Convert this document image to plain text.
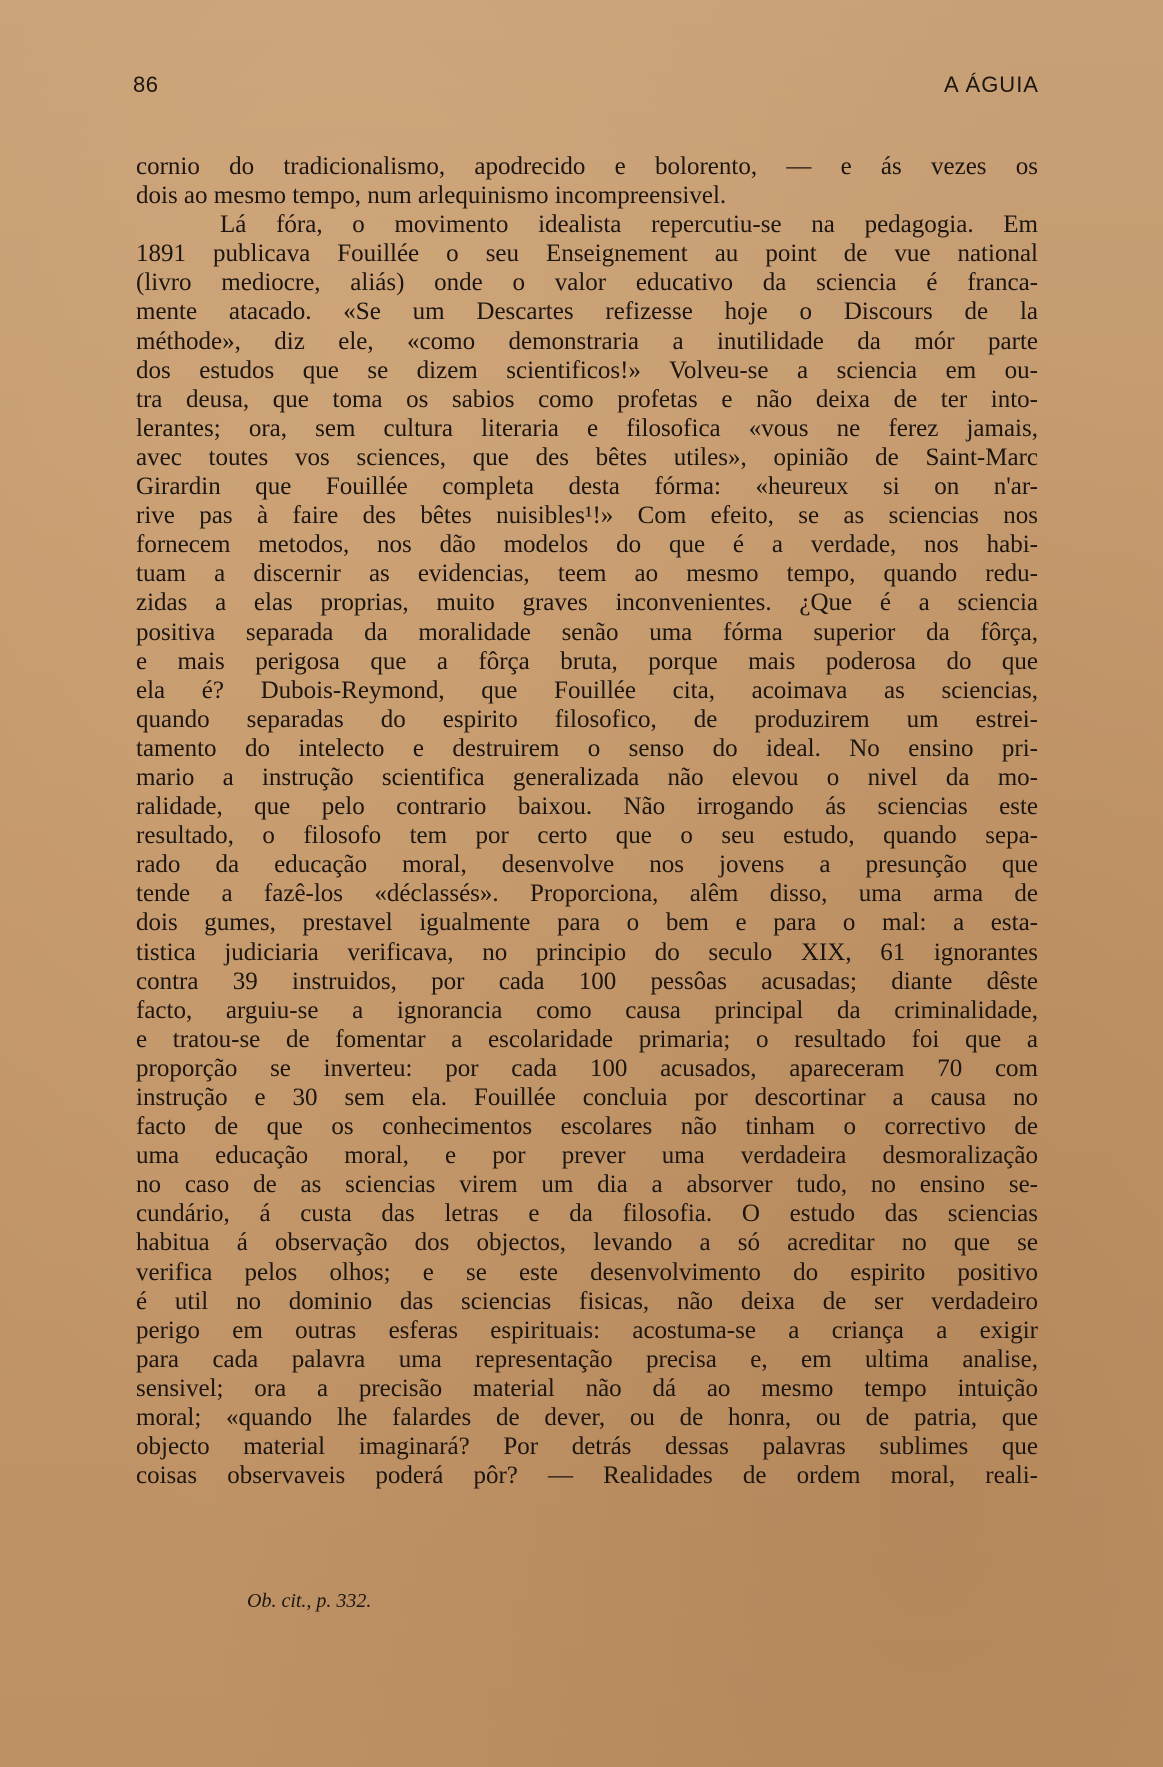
86	A ÁGUIA
cornio do tradicionalismo, apodrecido e bolorento, — e ás vezes os
dois ao mesmo tempo, num arlequinismo incompreensivel.
Lá fóra, o movimento idealista repercutiu-se na pedagogia. Em
1891 publicava Fouillée o seu Enseignement au point de vue national
(livro mediocre, aliás) onde o valor educativo da sciencia é franca-
mente atacado. «Se um Descartes refizesse hoje o Discours de la
méthode», diz ele, «como demonstraria a inutilidade da mór parte
dos estudos que se dizem scientificos!» Volveu-se a sciencia em ou-
tra deusa, que toma os sabios como profetas e não deixa de ter into-
lerantes; ora, sem cultura literaria e filosofica «vous ne ferez jamais,
avec toutes vos sciences, que des bêtes utiles», opinião de Saint-Marc
Girardin que Fouillée completa desta fórma: «heureux si on n'ar-
rive pas à faire des bêtes nuisibles¹!» Com efeito, se as sciencias nos
fornecem metodos, nos dão modelos do que é a verdade, nos habi-
tuam a discernir as evidencias, teem ao mesmo tempo, quando redu-
zidas a elas proprias, muito graves inconvenientes. ¿Que é a sciencia
positiva separada da moralidade senão uma fórma superior da fôrça,
e mais perigosa que a fôrça bruta, porque mais poderosa do que
ela é? Dubois-Reymond, que Fouillée cita, acoimava as sciencias,
quando separadas do espirito filosofico, de produzirem um estrei-
tamento do intelecto e destruirem o senso do ideal. No ensino pri-
mario a instrução scientifica generalizada não elevou o nivel da mo-
ralidade, que pelo contrario baixou. Não irrogando ás sciencias este
resultado, o filosofo tem por certo que o seu estudo, quando sepa-
rado da educação moral, desenvolve nos jovens a presunção que
tende a fazê-los «déclassés». Proporciona, alêm disso, uma arma de
dois gumes, prestavel igualmente para o bem e para o mal: a esta-
tistica judiciaria verificava, no principio do seculo XIX, 61 ignorantes
contra 39 instruidos, por cada 100 pessôas acusadas; diante dêste
facto, arguiu-se a ignorancia como causa principal da criminalidade,
e tratou-se de fomentar a escolaridade primaria; o resultado foi que a
proporção se inverteu: por cada 100 acusados, apareceram 70 com
instrução e 30 sem ela. Fouillée concluia por descortinar a causa no
facto de que os conhecimentos escolares não tinham o correctivo de
uma educação moral, e por prever uma verdadeira desmoralização
no caso de as sciencias virem um dia a absorver tudo, no ensino se-
cundário, á custa das letras e da filosofia. O estudo das sciencias
habitua á observação dos objectos, levando a só acreditar no que se
verifica pelos olhos; e se este desenvolvimento do espirito positivo
é util no dominio das sciencias fisicas, não deixa de ser verdadeiro
perigo em outras esferas espirituais: acostuma-se a criança a exigir
para cada palavra uma representação precisa e, em ultima analise,
sensivel; ora a precisão material não dá ao mesmo tempo intuição
moral; «quando lhe falardes de dever, ou de honra, ou de patria, que
objecto material imaginará? Por detrás dessas palavras sublimes que
coisas observaveis poderá pôr? — Realidades de ordem moral, reali-
Ob. cit., p. 332.
